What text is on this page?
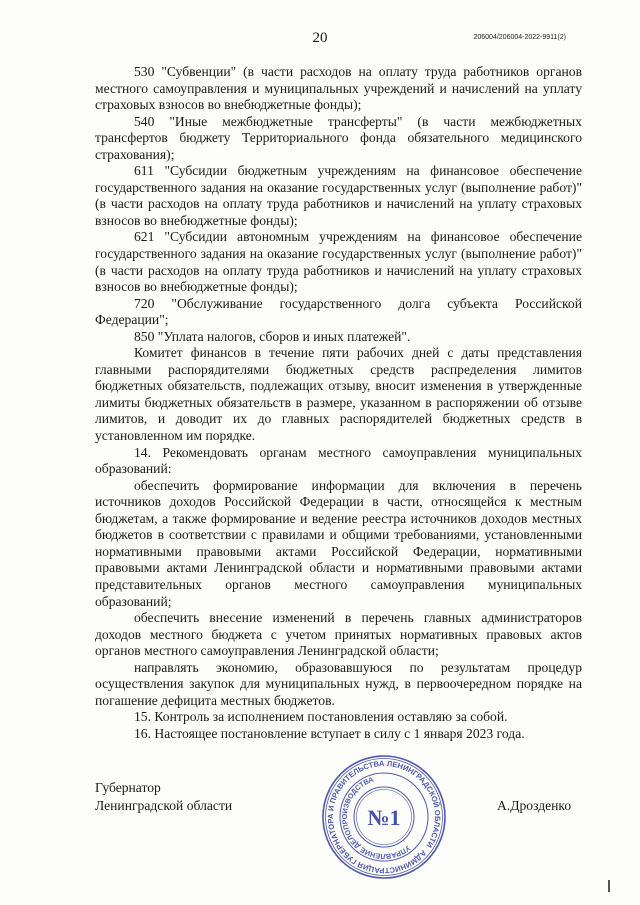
20	206004/206004-2022-9911(2)

530 "Субвенции" (в части расходов на оплату труда работников органов местного самоуправления и муниципальных учреждений и начислений на уплату страховых взносов во внебюджетные фонды);

540 "Иные межбюджетные трансферты" (в части межбюджетных трансфертов бюджету Территориального фонда обязательного медицинского страхования);

611 "Субсидии бюджетным учреждениям на финансовое обеспечение государственного задания на оказание государственных услуг (выполнение работ)" (в части расходов на оплату труда работников и начислений на уплату страховых взносов во внебюджетные фонды);

621 "Субсидии автономным учреждениям на финансовое обеспечение государственного задания на оказание государственных услуг (выполнение работ)" (в части расходов на оплату труда работников и начислений на уплату страховых взносов во внебюджетные фонды);

720 "Обслуживание государственного долга субъекта Российской Федерации";

850 "Уплата налогов, сборов и иных платежей".

Комитет финансов в течение пяти рабочих дней с даты представления главными распорядителями бюджетных средств распределения лимитов бюджетных обязательств, подлежащих отзыву, вносит изменения в утвержденные лимиты бюджетных обязательств в размере, указанном в распоряжении об отзыве лимитов, и доводит их до главных распорядителей бюджетных средств в установленном им порядке.

14. Рекомендовать органам местного самоуправления муниципальных образований:

обеспечить формирование информации для включения в перечень источников доходов Российской Федерации в части, относящейся к местным бюджетам, а также формирование и ведение реестра источников доходов местных бюджетов в соответствии с правилами и общими требованиями, установленными нормативными правовыми актами Российской Федерации, нормативными правовыми актами Ленинградской области и нормативными правовыми актами представительных органов местного самоуправления муниципальных образований;

обеспечить внесение изменений в перечень главных администраторов доходов местного бюджета с учетом принятых нормативных правовых актов органов местного самоуправления Ленинградской области;

направлять экономию, образовавшуюся по результатам процедур осуществления закупок для муниципальных нужд, в первоочередном порядке на погашение дефицита местных бюджетов.

15. Контроль за исполнением постановления оставляю за собой.

16. Настоящее постановление вступает в силу с 1 января 2023 года.

Губернатор
Ленинградской области	А.Дрозденко
АДМИНИСТРАЦИЯ ГУБЕРНАТОРА И ПРАВИТЕЛЬСТВА ЛЕНИНГРАДСКОЙ ОБЛАСТИ
УПРАВЛЕНИЕ ДЕЛОПРОИЗВОДСТВА
№1
